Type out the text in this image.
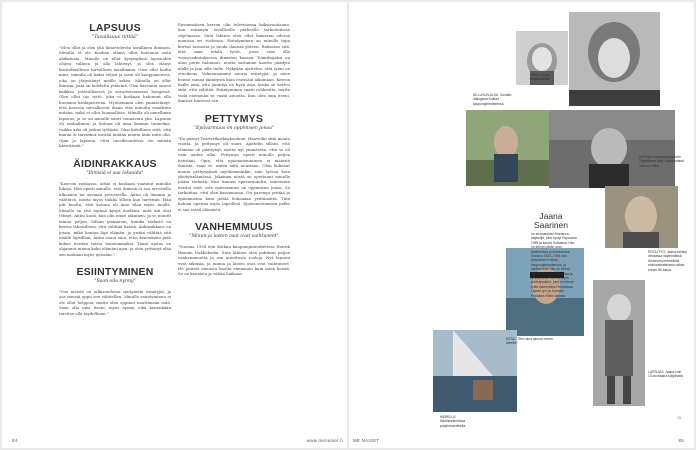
LAPSUUS
"Tavallisuus riittää"
"Olen ollut ja olen yhä ihmettelevän tavallinen ihminen. Minulla ei ole Kouhan elämä ollut kutsunut mitä ahdistusta. Minulle on ollut kysymyksiä lapsuuden olojen välinen ja alla lähtenyt, ja olen elänyt kuvitelmallisen turvallisen maailmaan. Olen ollut kodin mies, minulla oli kaksi veljeä ja isäni oli kauppaneuvos, joka on järjestänyt meille arkea. Minulla on ollut ihmisiä, joita on kohdeltu ystävinä. Olen kasvanut ennen kaikkea ystävällisessä ja suvaitsevaisessa hengessä. Olen ollut ujo tyttö, joka ei koskaan halunnut olla huomion keskipisteenä. Myöhemmin olen ymmärtänyt, että kasvoin turvallisesti ilman että minulta vaadittiin mitään, mikä ei ollut luonnollista. Minulla oli onnellinen lapsuus, ja se on minulle suuri voimavara yhä. Lapsuus oli rauhallinen, ja kotona oli aina lämmin tunnelma, vaikka arki oli joskus työlästä. Olen kiitollinen siitä, että minun ei tarvinnut esittää mitään muuta kuin mitä olin. Opin jo lapsena, ettei tavallisuudessa ole mitään hävettävää."
ÄIDINRAKKAUS
"Ihmisiä ei saa loksoida"
"Kasvoin rauhassa, äitini ei koskaan vaatinut minulta liikoja. Hän opetti minulle, että ihmisiä ei saa arvostella ulkonäön tai aseman perusteella. Äitini oli lämmin ja välittävä, mutta myös tiukka silloin kun tarvittiin. Hän piti huolta, että kotona oli aina tilaa myös muille. Minulla on yhä tapana kysyä itseltäni, mitä äiti olisi tehnyt. Äitini kuoli, kun olin nuori aikuinen, ja se muutti minua paljon. Silloin ymmärsin, kuinka tärkeää on kertoa läheisilleen, että välittää heistä. Äidinrakkaus on jotain, mikä kantaa läpi elämän, ja yritän välittää sitä omille lapsilleni. Äitini sanoi aina, ettei kenenkään pidä kokea itseään toista huonommaksi. Tämä ajatus on ohjannut minua koko elämäni ajan, ja olen yrittänyt elää sen mukaan myös työssäni."
ESIINTYMINEN
"Saan olla nynny"
"Osa meistä on julkisuudessa syntyneitä esiintyjiä, ja osa meistä oppii sen vähitellen. Minulle esiintyminen ei ole ollut helppoa, mutta olen oppinut nauttimaan siitä. Saan olla oma itseni, myös nynny, eikä kenenkään tarvitse olla täydellinen."
Ensimmäisen kerran olin televisiossa kaksivuotiaana, kun esiinnyin tavalliselle perheelle tarkoitetussa ohjelmassa. Siitä lähtien olen ollut kameran edessä monissa eri rooleissa. Esiintyminen on minulle tapa kertoa tarinoita ja tuoda ihmisiä yhteen. Rakastan sitä, että saan tehdä työtä, jossa voin olla vuorovaikutuksessa ihmisten kanssa. Toimittajaksi en alun perin halunnut, mutta sattuman kautta päädyin alalle ja jäin sille tielle. Nykyään ajattelen, että työni on etuoikeus. Valmennamme nuoria esiintyjiä, ja näen heissä samaa jännitystä kuin itsessäni aikoinaan. Kerron heille aina, että jännitys on hyvä asia, koska se kertoo siitä, että välittää. Esiintyminen vaatii rohkeutta, mutta vielä enemmän se vaatii aitoutta. Kun olen oma itseni, ihmiset tuntevat sen.
PETTYMYS
"Epävarmuus on oppimisen jonoa"
"En pääsyt Teatterikorkeakouluun. Haaveilin siitä monta vuotta, ja pettymys oli suuri. Ajattelin silloin, että elämäni oli päättynyt, mutta nyt ymmärrän, että se oli vain uuden alku. Pettymys opetti minulle paljon itsestäni. Opin, että epäonnistuminen ei määritä ihmistä, vaan se, miten siitä noustaan. Olen kokenut monia pettymyksiä myöhemminkin, niin työssä kuin yksityiselämässä. Jokainen niistä on opettanut minulle jotain tärkeää. Kun tunnen epävarmuutta, muistutan itseäni siitä, että epävarmuus on oppimisen jonoa. Se tarkoittaa, että olen kasvamassa. On parempi yrittää ja epäonnistua kuin jättää kokonaan yrittämättä. Tätä haluan opettaa myös lapsilleni. Epäonnistumisen pelko ei saa estää elämästä.
VANHEMMUUS
"Minun ja lasten osat ovat vaihtuneet"
"Vuonna 1994 tein Kotkan kaupunginteatterissa Henrik Ibsenin Nukkekodin. Siitä lähtien olen pohtinut paljon vanhemmuutta ja sen muuttuvia rooleja. Nyt lapseni ovat aikuisia, ja minun ja lasten osat ovat vaihtuneet. He pitävät minusta huolta enemmän kuin minä heistä. Se on kaunista ja vähän haikeaa.
84	www.menaiset.fi ME NAISET	85
Jaana
Saarinen
on suomalainen freelance-näyttelijä, joka syntyi Espoossa 1955 ja kasvoi Kotkassa. Hän on tehnyt pitkän uran teattereissa ja televisiossa. Vuosina 1983–1994 hän työskenteli Kotkan kaupunginteatterissa, ja myöhemmin hän on tehnyt lukuisia rooleja elokuvissa ja tv-sarjoissa. Hän on myös yhdistysaktiivi, joka on tehnyt työtä esimerkiksi Pelastakaa Lapset ry:n ja Suomen Punaisen Ristin kanssa.
80-LUVUN ALKU. Kuvattu dialogissa Kotkan kaupunginteatterissa.
1990-LUVUN keskivaiheilla.
KOTKAN kaupunginteatterin Täydellinen häät -näytelmässä vuonna 1994.
ROOLITYÖ. Jaana esiintyi vieraassa näytelmässä Sevensin perheelliset elokuvateatterissa vähän ennen 80-lukua.
KESÄ. "Olen aina asunut meren äärellä."
MERELLÄ. Nautiskelemassa purjehdusretkellä.
LAPSUUS. Jaana noin 10-vuotiaana kotipihalla.
19
